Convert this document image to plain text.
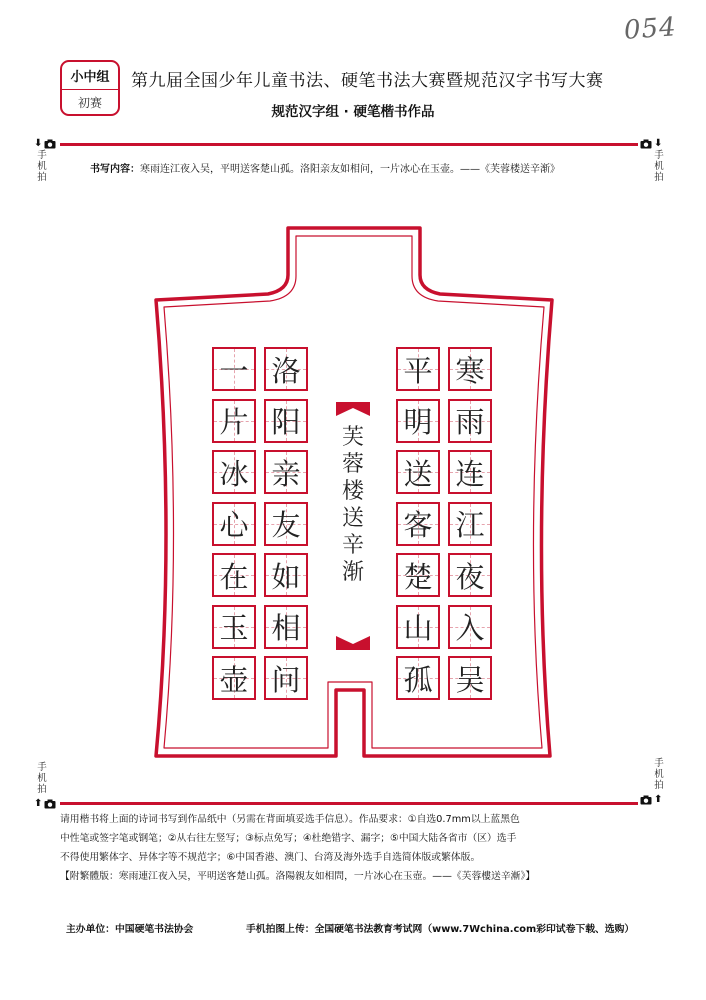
054
小中组
初赛
第九届全国少年儿童书法、硬笔书法大赛暨规范汉字书写大赛
规范汉字组 · 硬笔楷书作品
⬇	⬇
手
机
拍
手
机
拍
书写内容：寒雨连江夜入吴，平明送客楚山孤。洛阳亲友如相问，一片冰心在玉壶。——《芙蓉楼送辛渐》
寒
雨
连
江
夜
入
吴
平
明
送
客
楚
山
孤
洛
阳
亲
友
如
相
问
一
片
冰
心
在
玉
壶
芙
蓉
楼
送
辛
渐
手
机
拍
手
机
拍
⬆	⬆
请用楷书将上面的诗词书写到作品纸中（另需在背面填妥选手信息）。作品要求：①自选0.7mm以上蓝黑色
中性笔或签字笔或钢笔；②从右往左竖写；③标点免写；④杜绝错字、漏字；⑤中国大陆各省市（区）选手
不得使用繁体字、异体字等不规范字；⑥中国香港、澳门、台湾及海外选手自选简体版或繁体版。
【附繁體版：寒雨連江夜入吴，平明送客楚山孤。洛陽親友如相問，一片冰心在玉壺。——《芙蓉樓送辛漸》】
主办单位：中国硬笔书法协会	手机拍图上传：全国硬笔书法教育考试网（www.7Wchina.com彩印试卷下载、选购）
